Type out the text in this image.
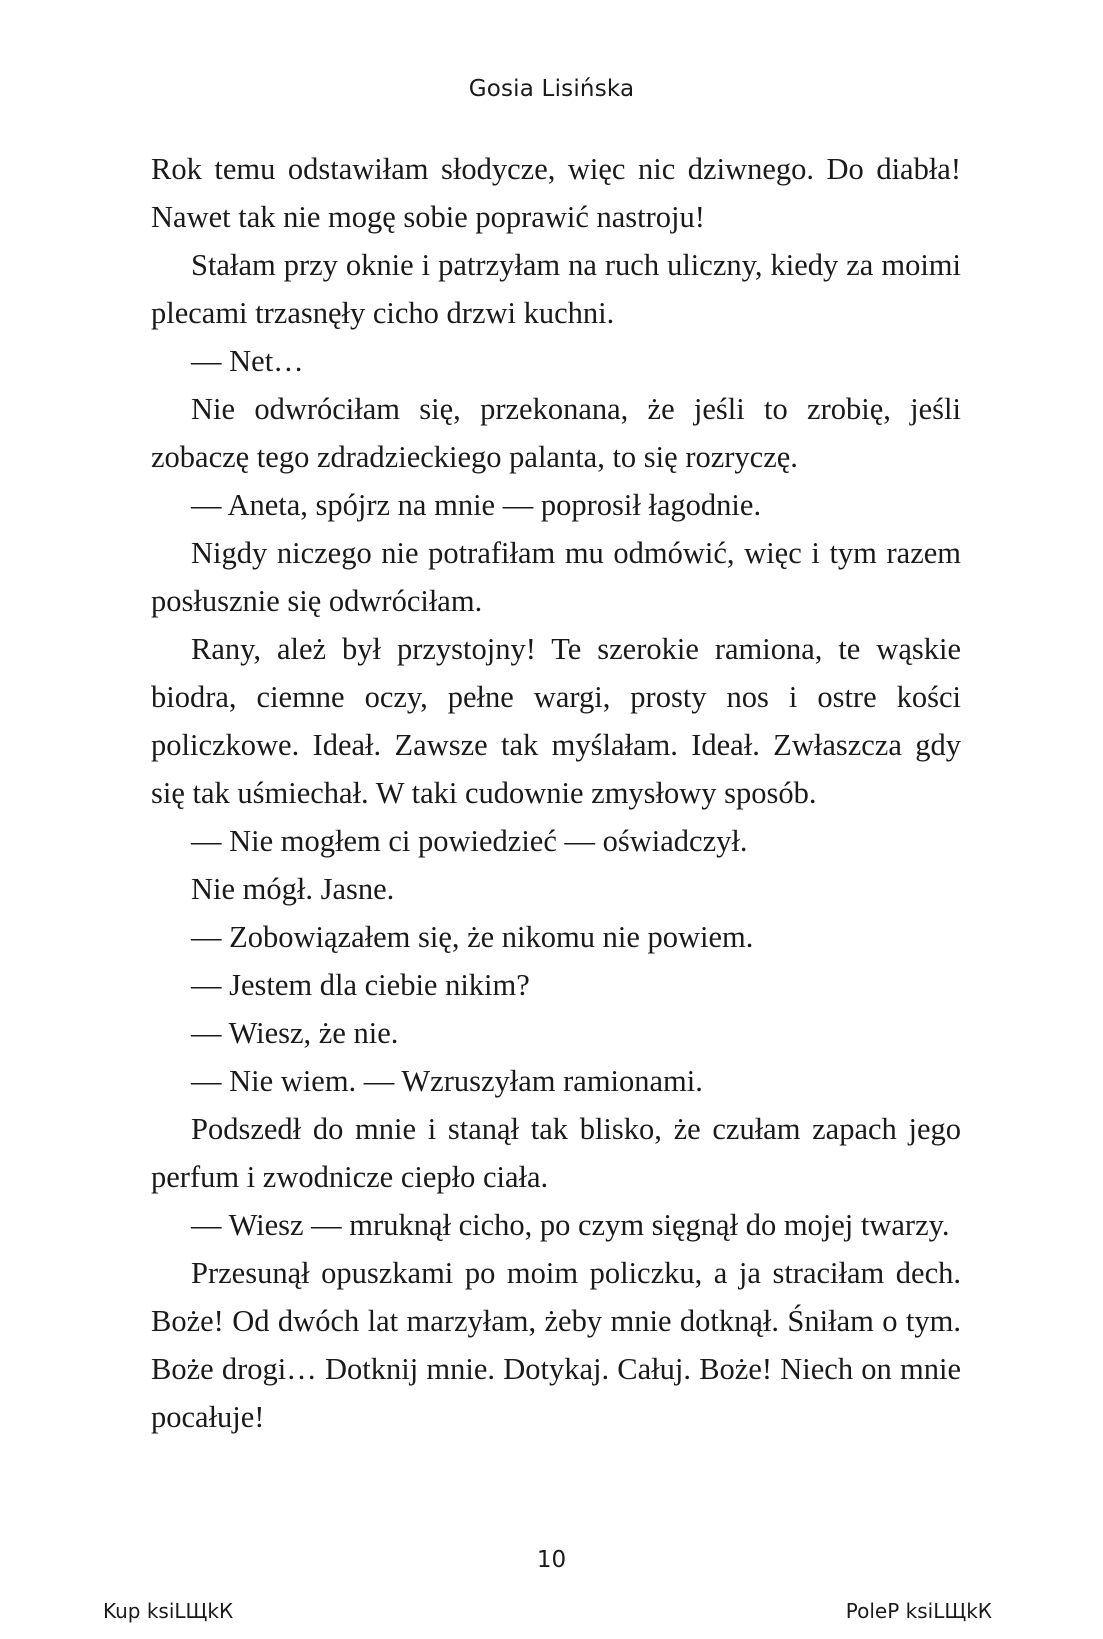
Gosia Lisińska

Rok temu odstawiłam słodycze, więc nic dziwnego. Do diabła! Nawet tak nie mogę sobie poprawić nastroju!

Stałam przy oknie i patrzyłam na ruch uliczny, kiedy za moimi plecami trzasnęły cicho drzwi kuchni.

— Net…

Nie odwróciłam się, przekonana, że jeśli to zrobię, jeśli zobaczę tego zdradzieckiego palanta, to się rozryczę.

— Aneta, spójrz na mnie — poprosił łagodnie.

Nigdy niczego nie potrafiłam mu odmówić, więc i tym razem posłusznie się odwróciłam.

Rany, ależ był przystojny! Te szerokie ramiona, te wąskie biodra, ciemne oczy, pełne wargi, prosty nos i ostre kości policzkowe. Ideał. Zawsze tak myślałam. Ideał. Zwłaszcza gdy się tak uśmiechał. W taki cudownie zmysłowy sposób.

— Nie mogłem ci powiedzieć — oświadczył.

Nie mógł. Jasne.

— Zobowiązałem się, że nikomu nie powiem.

— Jestem dla ciebie nikim?

— Wiesz, że nie.

— Nie wiem. — Wzruszyłam ramionami.

Podszedł do mnie i stanął tak blisko, że czułam zapach jego perfum i zwodnicze ciepło ciała.

— Wiesz — mruknął cicho, po czym sięgnął do mojej twarzy.

Przesunął opuszkami po moim policzku, a ja straciłam dech. Boże! Od dwóch lat marzyłam, żeby mnie dotknął. Śniłam o tym. Boże drogi… Dotknij mnie. Dotykaj. Całuj. Boże! Niech on mnie pocałuje!

10
Kup ksiLЩkК	PoleР ksiLЩkК
